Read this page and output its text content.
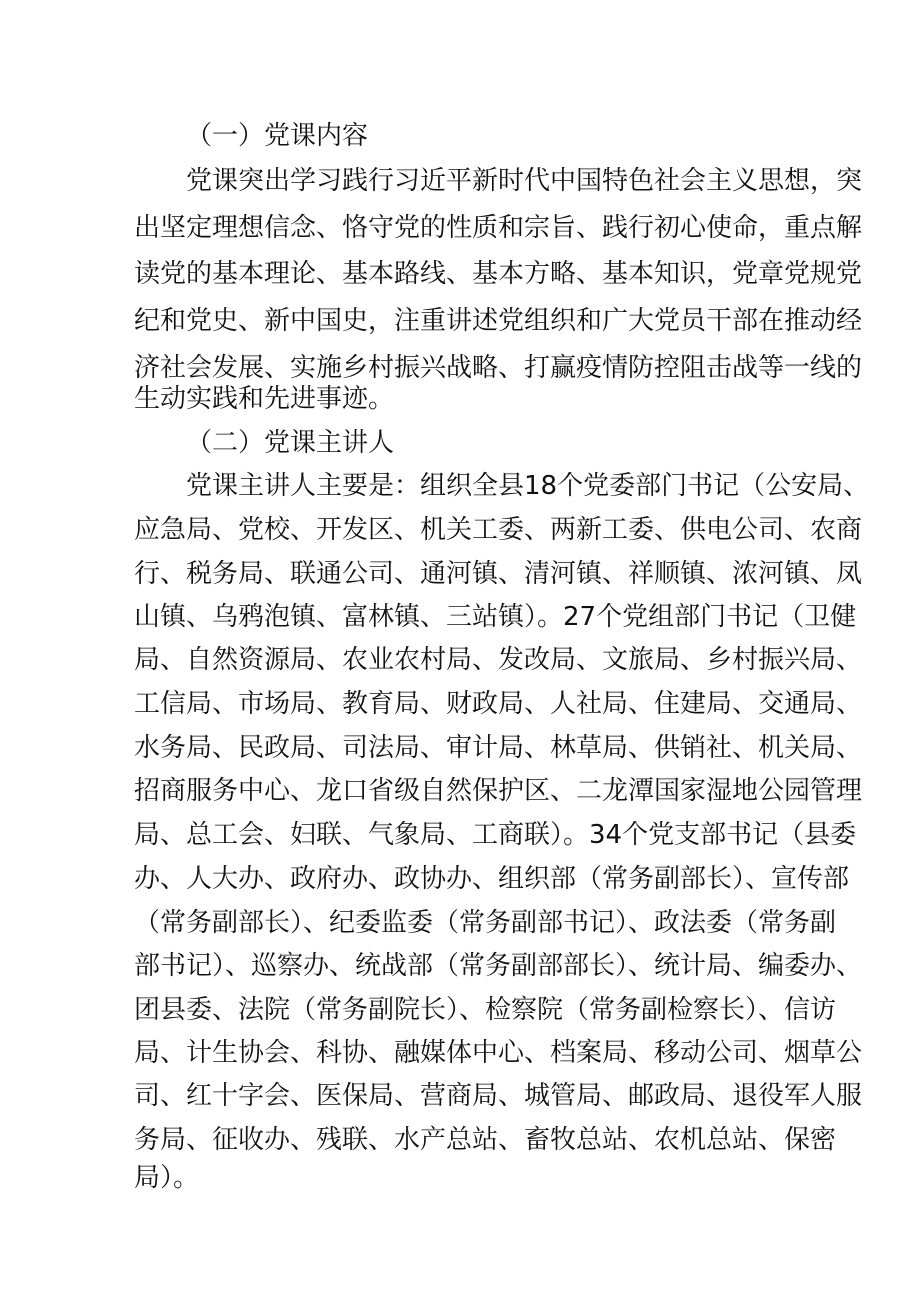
（一）党课内容

党课突出学习践行习近平新时代中国特色社会主义思想，突

出坚定理想信念、恪守党的性质和宗旨、践行初心使命，重点解

读党的基本理论、基本路线、基本方略、基本知识，党章党规党

纪和党史、新中国史，注重讲述党组织和广大党员干部在推动经

济社会发展、实施乡村振兴战略、打赢疫情防控阻击战等一线的

生动实践和先进事迹。

（二）党课主讲人

党课主讲人主要是：组织全县18个党委部门书记（公安局、

应急局、党校、开发区、机关工委、两新工委、供电公司、农商

行、税务局、联通公司、通河镇、清河镇、祥顺镇、浓河镇、凤

山镇、乌鸦泡镇、富林镇、三站镇）。27个党组部门书记（卫健

局、自然资源局、农业农村局、发改局、文旅局、乡村振兴局、

工信局、市场局、教育局、财政局、人社局、住建局、交通局、

水务局、民政局、司法局、审计局、林草局、供销社、机关局、

招商服务中心、龙口省级自然保护区、二龙潭国家湿地公园管理

局、总工会、妇联、气象局、工商联）。34个党支部书记（县委

办、人大办、政府办、政协办、组织部（常务副部长）、宣传部

（常务副部长）、纪委监委（常务副部书记）、政法委（常务副

部书记）、巡察办、统战部（常务副部部长）、统计局、编委办、

团县委、法院（常务副院长）、检察院（常务副检察长）、信访

局、计生协会、科协、融媒体中心、档案局、移动公司、烟草公

司、红十字会、医保局、营商局、城管局、邮政局、退役军人服

务局、征收办、残联、水产总站、畜牧总站、农机总站、保密

局）。
